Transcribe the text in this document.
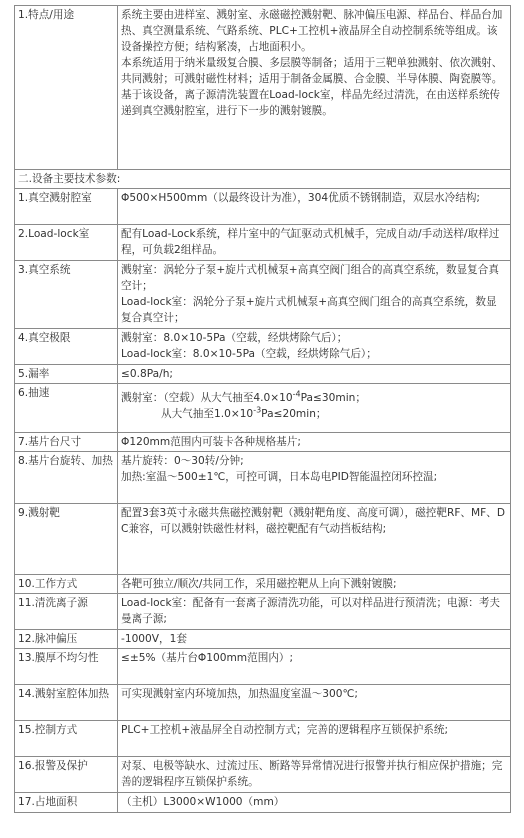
1.特点/用途	系统主要由进样室、溅射室、永磁磁控溅射靶、脉冲偏压电源、样品台、样品台加热、真空测量系统、气路系统、PLC+工控机+液晶屏全自动控制系统等组成。该设备操控方便；结构紧凑，占地面积小。
本系统适用于纳米量级复合膜、多层膜等制备；适用于三靶单独溅射、依次溅射、共同溅射；可溅射磁性材料；适用于制备金属膜、合金膜、半导体膜、陶瓷膜等。
基于该设备，离子源清洗装置在Load-lock室，样品先经过清洗，在由送样系统传递到真空溅射腔室，进行下一步的溅射镀膜。

二.设备主要技术参数:	
1.真空溅射腔室	Φ500×H500mm（以最终设计为准），304优质不锈钢制造，双层水冷结构;
2.Load-lock室	配有Load-Lock系统，样片室中的气缸驱动式机械手，完成自动/手动送样/取样过程，可负载2组样品。
3.真空系统	溅射室：涡轮分子泵+旋片式机械泵+高真空阀门组合的高真空系统，数显复合真空计；
Load-lock室：涡轮分子泵+旋片式机械泵+高真空阀门组合的高真空系统，数显复合真空计；

4.真空极限	溅射室：8.0×10-5Pa（空载，经烘烤除气后）；
Load-lock室：8.0×10-5Pa（空载，经烘烤除气后）；

5.漏率	≤0.8Pa/h;
6.抽速	溅射室：（空载）从大气抽至$4.0\times 10^{-4}Pa\le 30\min$；
从大气抽至$1.0\times 10^{-3}Pa\le 20\min$；

7.基片台尺寸	Φ120mm范围内可装卡各种规格基片;
8.基片台旋转、加热	基片旋转：0～30转/分钟;
加热:室温～500±1℃，可控可调，日本岛电PID智能温控闭环控温;

9.溅射靶	配置3套3英寸永磁共焦磁控溅射靶（溅射靶角度、高度可调），磁控靶RF、MF、DC兼容，可以溅射铁磁性材料，磁控靶配有气动挡板结构;
10.工作方式	各靶可独立/顺次/共同工作，采用磁控靶从上向下溅射镀膜;
11.清洗离子源	Load-lock室：配备有一套离子源清洗功能，可以对样品进行预清洗；电源：考夫曼离子源;
12.脉冲偏压	-1000V，1套
13.膜厚不均匀性	≤±5%（基片台Φ100mm范围内）;
14.溅射室腔体加热	可实现溅射室内环境加热，加热温度室温～300℃;
15.控制方式	PLC+工控机+液晶屏全自动控制方式；完善的逻辑程序互锁保护系统;
16.报警及保护	对泵、电极等缺水、过流过压、断路等异常情况进行报警并执行相应保护措施；完善的逻辑程序互锁保护系统。
17.占地面积	（主机）L3000×W1000（mm）
